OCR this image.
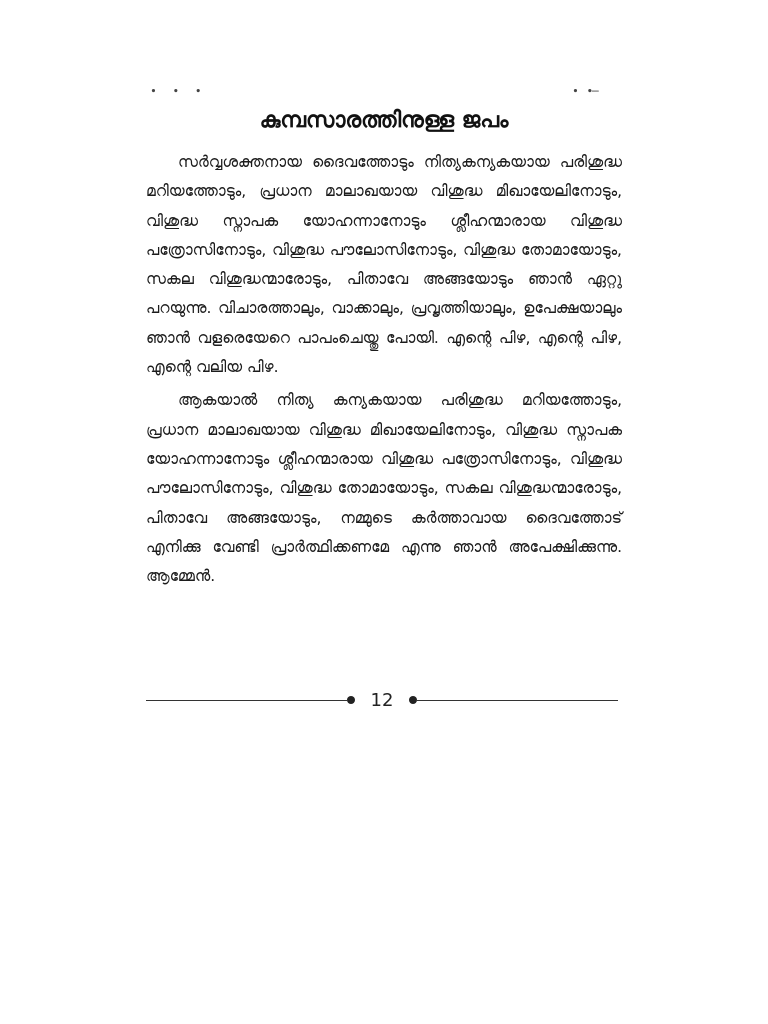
∙ ∙ ∙	∙ ∙ ̶
കുമ്പസാരത്തിനുള്ള ജപം

സർവ്വശക്തനായ ദൈവത്തോടും നിത്യകന്യകയായ പരിശുദ്ധ മറിയത്തോടും, പ്രധാന മാലാഖയായ വിശുദ്ധ മിഖായേലിനോടും, വിശുദ്ധ സ്നാപക യോഹന്നാനോടും ശ്ലീഹന്മാരായ വിശുദ്ധ പത്രോസിനോടും, വിശുദ്ധ പൗലോസിനോടും, വിശുദ്ധ തോമായോടും, സകല വിശുദ്ധന്മാരോടും, പിതാവേ അങ്ങയോടും ഞാൻ ഏറ്റു പറയുന്നു. വിചാരത്താലും, വാക്കാലും, പ്രവൃത്തിയാലും, ഉപേക്ഷയാലും ഞാൻ വളരെയേറെ പാപംചെയ്തു പോയി. എന്റെ പിഴ, എന്റെ പിഴ, എന്റെ വലിയ പിഴ.

ആകയാൽ നിത്യ കന്യകയായ പരിശുദ്ധ മറിയത്തോടും, പ്രധാന മാലാഖയായ വിശുദ്ധ മിഖായേലിനോടും, വിശുദ്ധ സ്നാപക യോഹന്നാനോടും ശ്ലീഹന്മാരായ വിശുദ്ധ പത്രോസിനോടും, വിശുദ്ധ പൗലോസിനോടും, വിശുദ്ധ തോമായോടും, സകല വിശുദ്ധന്മാരോടും, പിതാവേ അങ്ങയോടും, നമ്മുടെ കർത്താവായ ദൈവത്തോട് എനിക്കു വേണ്ടി പ്രാർത്ഥിക്കണമേ എന്നു ഞാൻ അപേക്ഷിക്കുന്നു. ആമ്മേൻ.

12
